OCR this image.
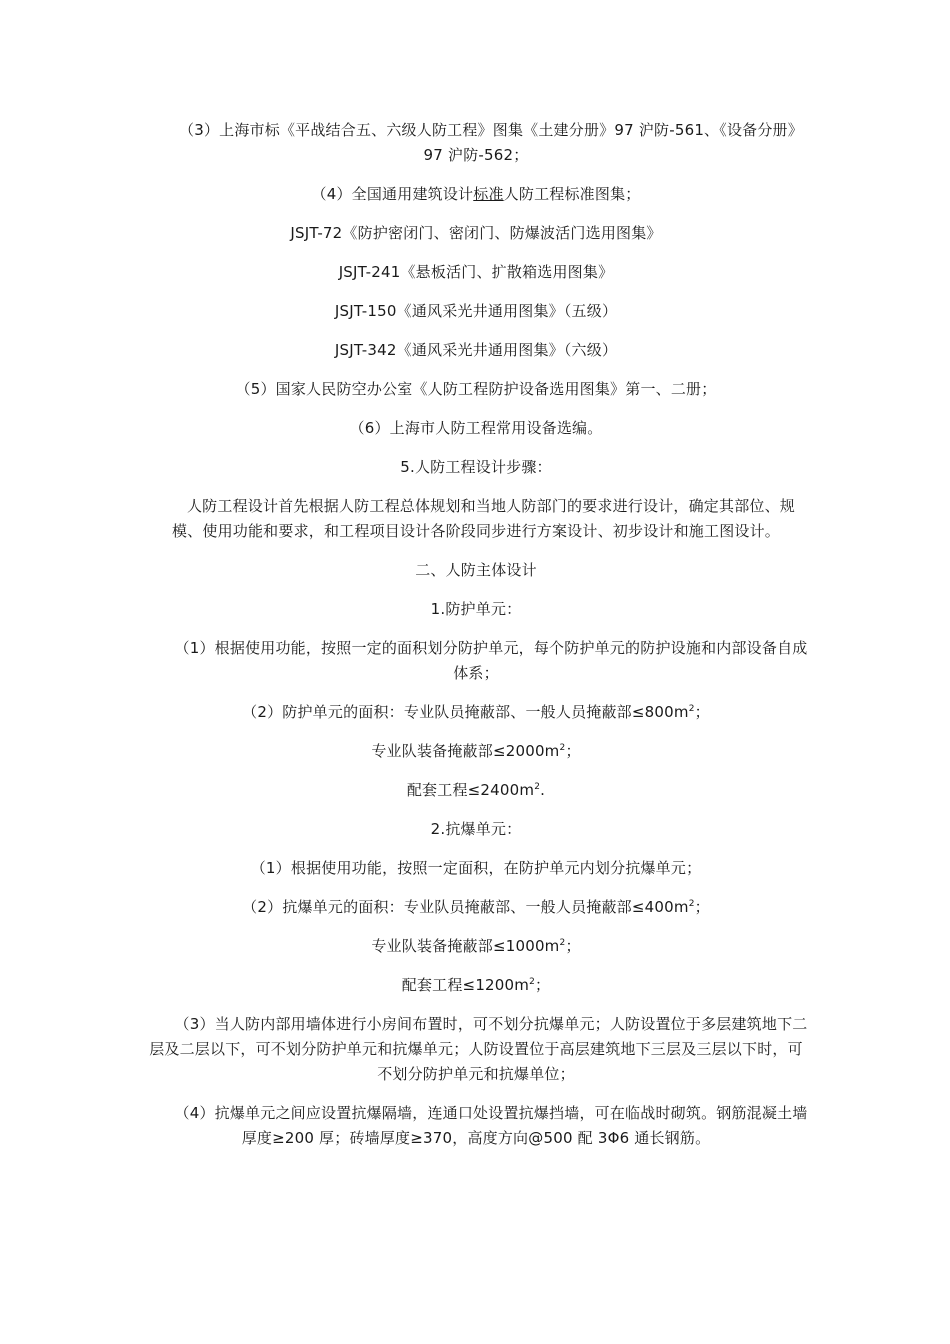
（3）上海市标《平战结合五、六级人防工程》图集《土建分册》97 沪防-561、《设备分册》97 沪防-562；

（4）全国通用建筑设计标准人防工程标准图集；

JSJT-72《防护密闭门、密闭门、防爆波活门选用图集》

JSJT-241《悬板活门、扩散箱选用图集》

JSJT-150《通风采光井通用图集》（五级）

JSJT-342《通风采光井通用图集》（六级）

（5）国家人民防空办公室《人防工程防护设备选用图集》第一、二册；

（6）上海市人防工程常用设备选编。

5.人防工程设计步骤：

人防工程设计首先根据人防工程总体规划和当地人防部门的要求进行设计，确定其部位、规模、使用功能和要求，和工程项目设计各阶段同步进行方案设计、初步设计和施工图设计。

二、人防主体设计

1.防护单元：

（1）根据使用功能，按照一定的面积划分防护单元，每个防护单元的防护设施和内部设备自成体系；

（2）防护单元的面积：专业队员掩蔽部、一般人员掩蔽部$\le 800m^2$；

专业队装备掩蔽部$\le 2000m^2$；

配套工程$\le 2400m^2$.

2.抗爆单元：

（1）根据使用功能，按照一定面积，在防护单元内划分抗爆单元；

（2）抗爆单元的面积：专业队员掩蔽部、一般人员掩蔽部$\le 400m^2$；

专业队装备掩蔽部$\le 1000m^2$；

配套工程$\le 1200m^2$；

（3）当人防内部用墙体进行小房间布置时，可不划分抗爆单元；人防设置位于多层建筑地下二层及二层以下，可不划分防护单元和抗爆单元；人防设置位于高层建筑地下三层及三层以下时，可不划分防护单元和抗爆单位；

（4）抗爆单元之间应设置抗爆隔墙，连通口处设置抗爆挡墙，可在临战时砌筑。钢筋混凝土墙厚度≥200 厚；砖墙厚度≥370，高度方向@500 配 3Φ6 通长钢筋。
